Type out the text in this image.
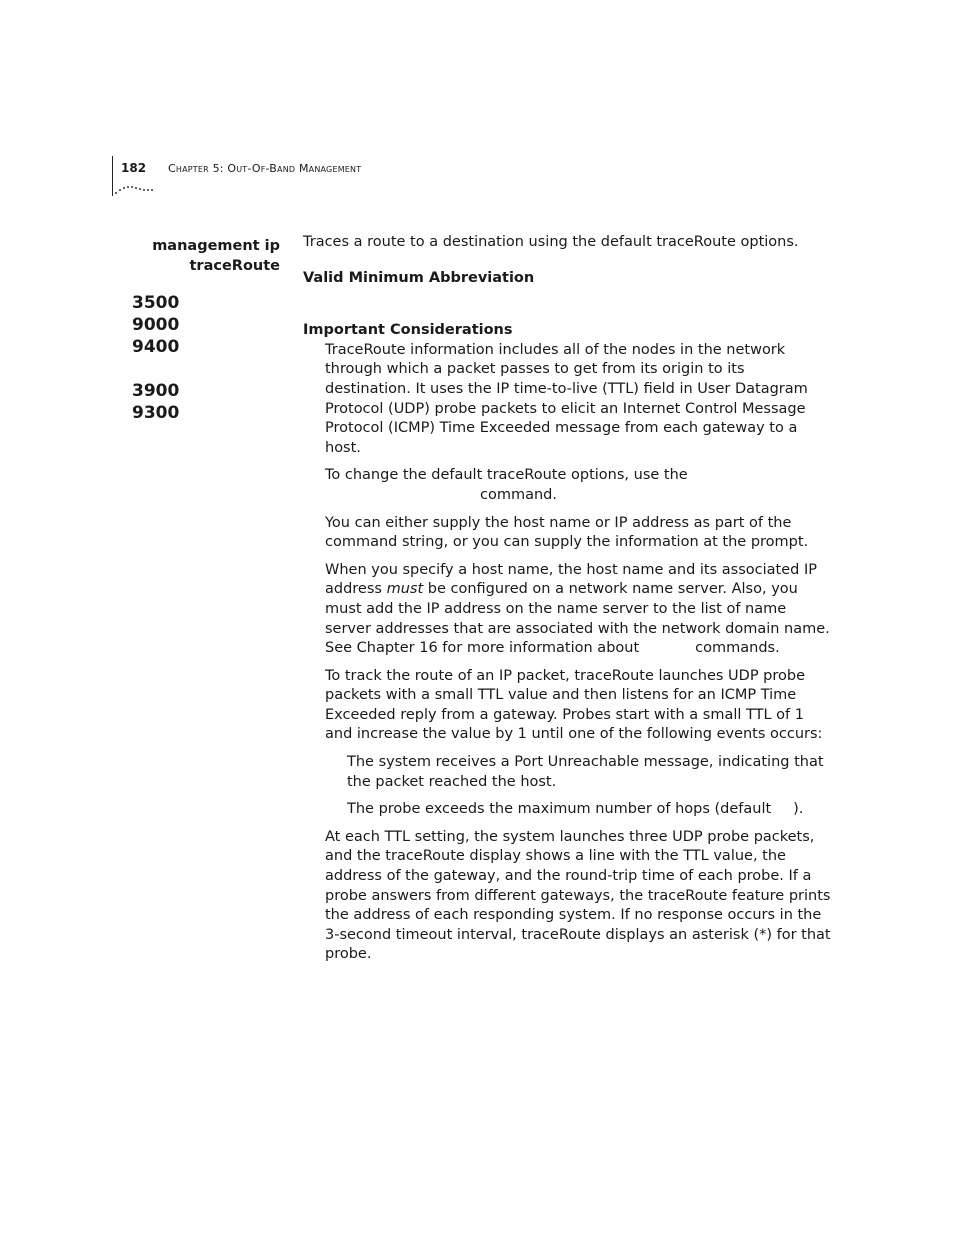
182 Chapter 5: Out-Of-Band Management
management ip
traceRoute
3500
9000
9400
3900
9300

Traces a route to a destination using the default traceRoute options.

Valid Minimum Abbreviation

Important Considerations

TraceRoute information includes all of the nodes in the network through which a packet passes to get from its origin to its destination. It uses the IP time-to-live (TTL) field in User Datagram Protocol (UDP) probe packets to elicit an Internet Control Message Protocol (ICMP) Time Exceeded message from each gateway to a host.

To change the default traceRoute options, use the
command.

You can either supply the host name or IP address as part of the command string, or you can supply the information at the prompt.

When you specify a host name, the host name and its associated IP address must be configured on a network name server. Also, you must add the IP address on the name server to the list of name server addresses that are associated with the network domain name. See Chapter 16 for more information about	commands.

To track the route of an IP packet, traceRoute launches UDP probe packets with a small TTL value and then listens for an ICMP Time Exceeded reply from a gateway. Probes start with a small TTL of 1 and increase the value by 1 until one of the following events occurs:

The system receives a Port Unreachable message, indicating that the packet reached the host.

The probe exceeds the maximum number of hops (default ).

At each TTL setting, the system launches three UDP probe packets, and the traceRoute display shows a line with the TTL value, the address of the gateway, and the round-trip time of each probe. If a probe answers from different gateways, the traceRoute feature prints the address of each responding system. If no response occurs in the 3-second timeout interval, traceRoute displays an asterisk (*) for that probe.
